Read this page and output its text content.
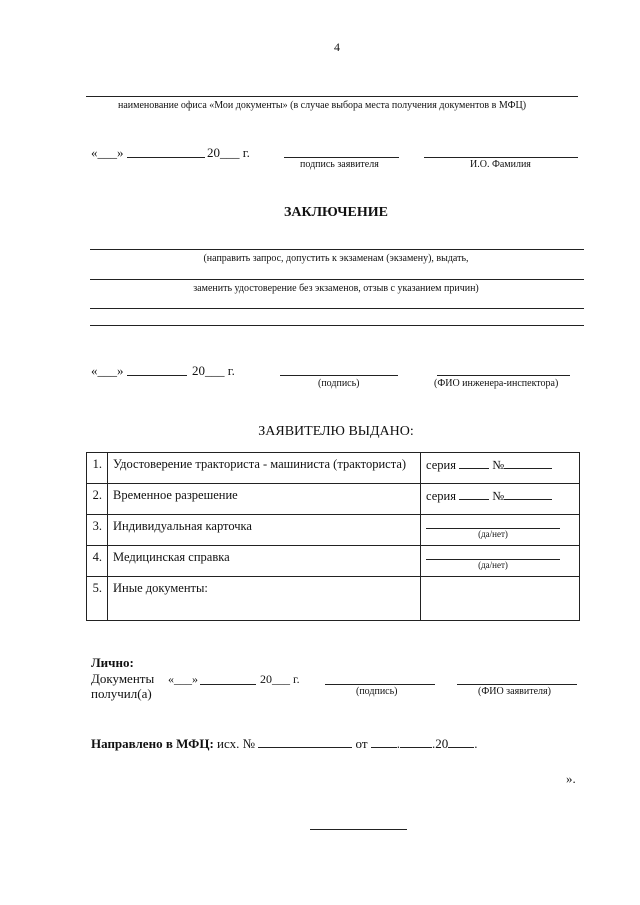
4
наименование офиса «Мои документы» (в случае выбора места получения документов в МФЦ)
«___»	20___ г.
подпись заявителя	И.О. Фамилия
ЗАКЛЮЧЕНИЕ
(направить запрос, допустить к экзаменам (экзамену), выдать,
заменить удостоверение без экзаменов, отзыв с указанием причин)
«___»	20___ г.
(подпись)	(ФИО инженера-инспектора)
ЗАЯВИТЕЛЮ ВЫДАНО:
1.	Удостоверение тракториста - машиниста (тракториста)	серия №
2.	Временное разрешение	серия №
3.	Индивидуальная карточка	(да/нет)

4.	Медицинская справка	(да/нет)

5.	Иные документы:	
Лично:
Документы
получил(а)
«___»	20___ г.
(подпись)	(ФИО заявителя)
Направлено в МФЦ: исх. №	от . .20 .
».
